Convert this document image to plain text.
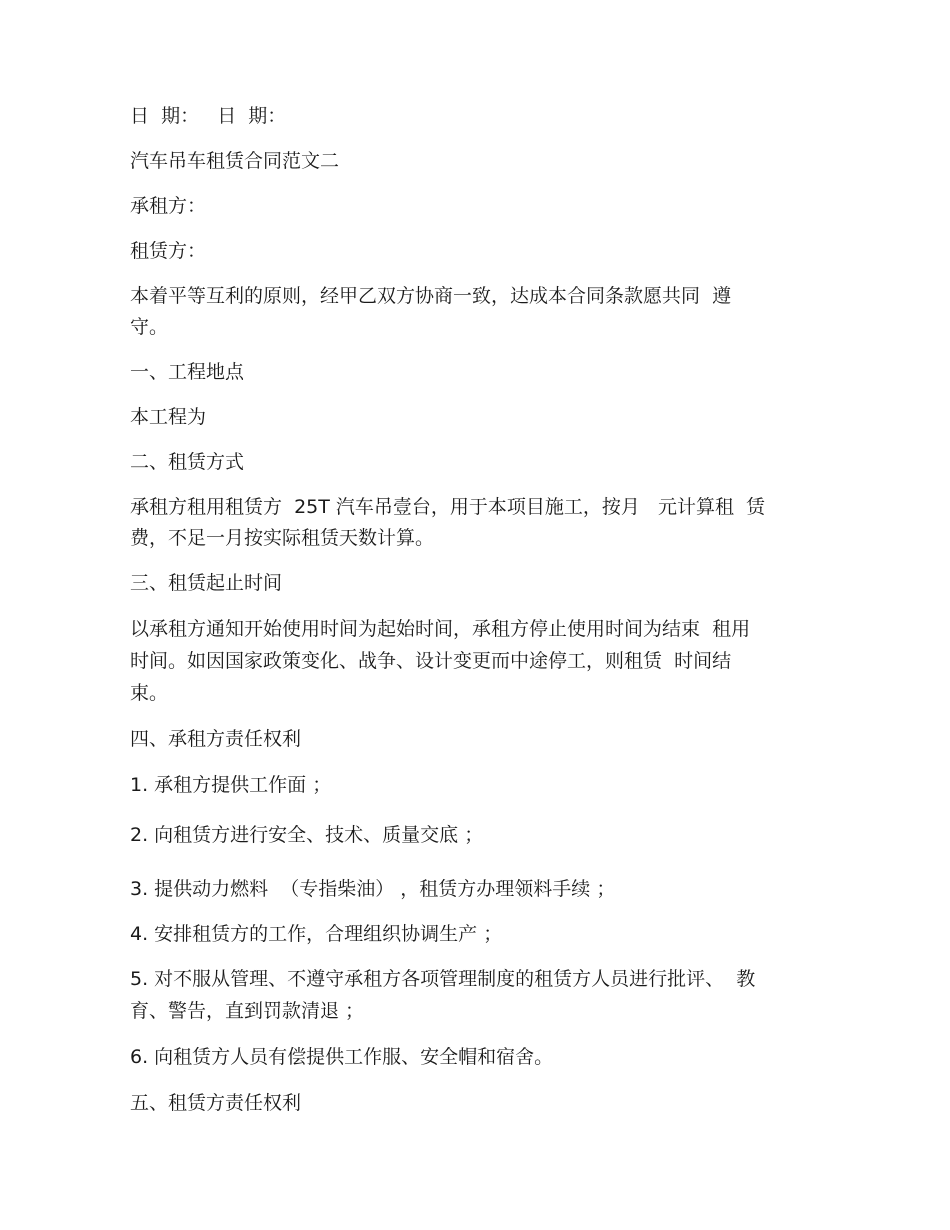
日  期：   日  期：

汽车吊车租赁合同范文二

承租方：

租赁方：

本着平等互利的原则，经甲乙双方协商一致，达成本合同条款愿共同  遵

守。

一、工程地点

本工程为

二、租赁方式

承租方租用租赁方  25T 汽车吊壹台，用于本项目施工，按月   元计算租  赁

费，不足一月按实际租赁天数计算。

三、租赁起止时间

以承租方通知开始使用时间为起始时间，承租方停止使用时间为结束  租用

时间。如因国家政策变化、战争、设计变更而中途停工，则租赁  时间结

束。

四、承租方责任权利

1. 承租方提供工作面 ；

2. 向租赁方进行安全、技术、质量交底 ；

3. 提供动力燃料  （专指柴油） ，租赁方办理领料手续 ；

4. 安排租赁方的工作，合理组织协调生产 ；

5. 对不服从管理、不遵守承租方各项管理制度的租赁方人员进行批评、  教

育、警告，直到罚款清退 ；

6. 向租赁方人员有偿提供工作服、安全帽和宿舍。

五、租赁方责任权利
